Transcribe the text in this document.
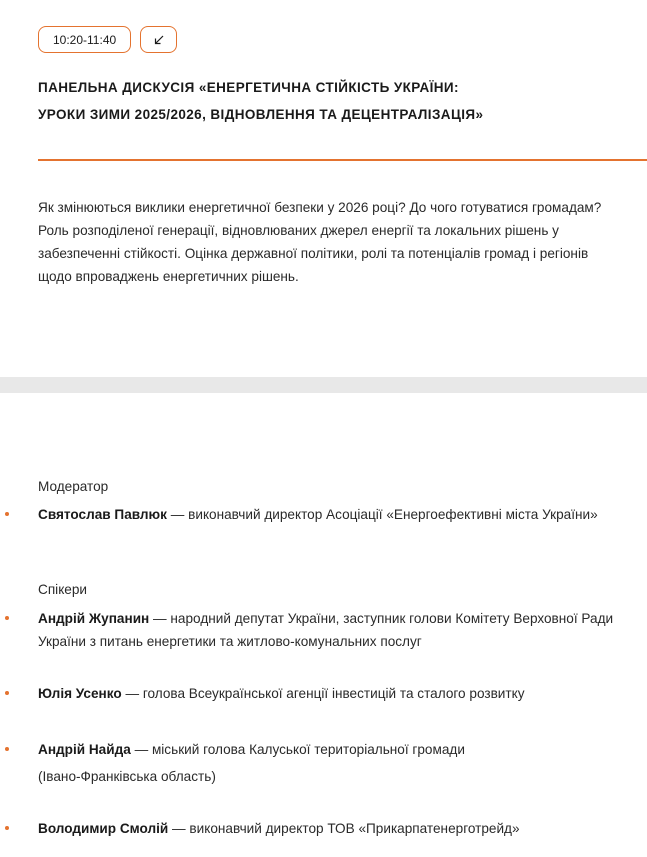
10:20-11:40
ПАНЕЛЬНА ДИСКУСІЯ «ЕНЕРГЕТИЧНА СТІЙКІСТЬ УКРАЇНИ:
УРОКИ ЗИМИ 2025/2026, ВІДНОВЛЕННЯ ТА ДЕЦЕНТРАЛІЗАЦІЯ»
Як змінюються виклики енергетичної безпеки у 2026 році? До чого готуватися громадам? Роль розподіленої генерації, відновлюваних джерел енергії та локальних рішень у забезпеченні стійкості. Оцінка державної політики, ролі та потенціалів громад і регіонів щодо впроваджень енергетичних рішень.
Модератор
Святослав Павлюк — виконавчий директор Асоціації «Енергоефективні міста України»
Спікери
Андрій Жупанин — народний депутат України, заступник голови Комітету Верховної Ради України з питань енергетики та житлово-комунальних послуг
Юлія Усенко — голова Всеукраїнської агенції інвестицій та сталого розвитку
Андрій Найда — міський голова Калуської територіальної громади
(Івано-Франківська область)
Володимир Смолій — виконавчий директор ТОВ «Прикарпатенерготрейд»
